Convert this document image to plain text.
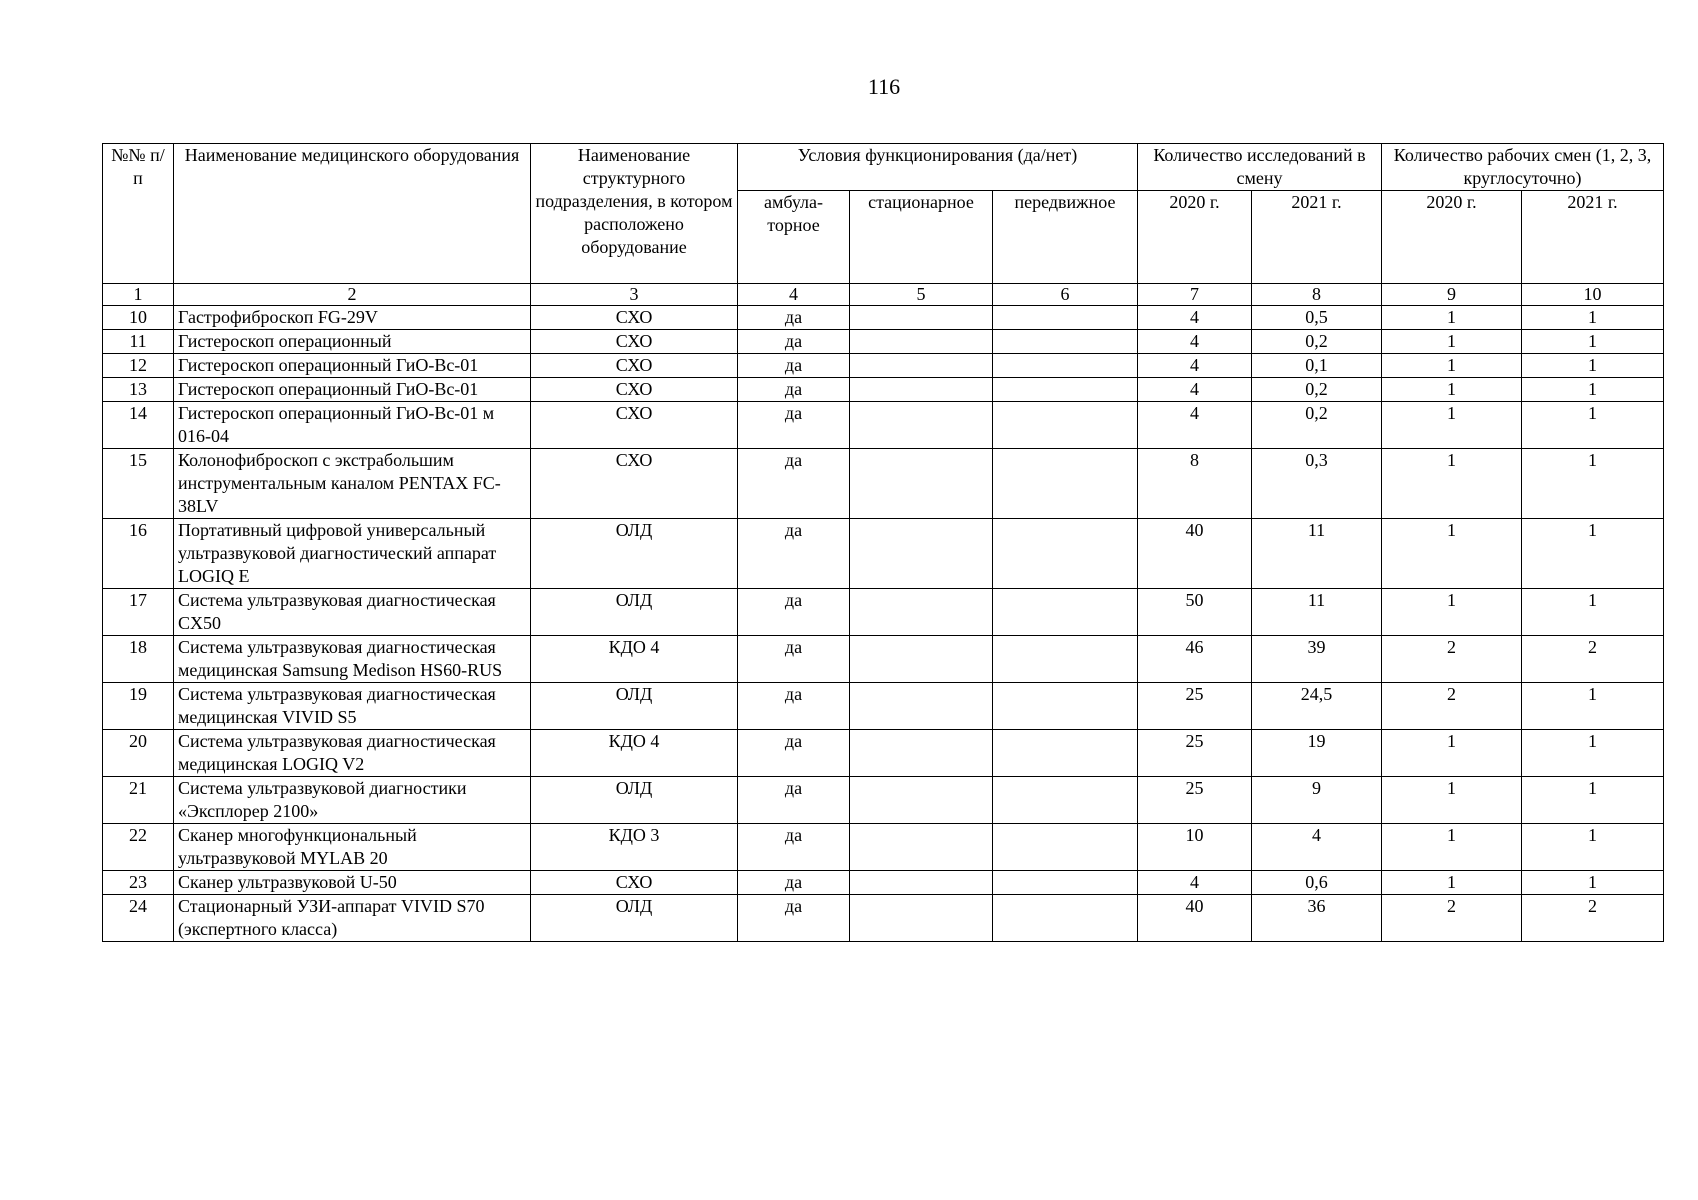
116
№№ п/п	Наименование медицинского оборудования	Наименование структурного подразделения, в котором расположено оборудование	Условия функционирования (да/нет)			Количество исследований в смену		Количество рабочих смен (1, 2, 3, круглосуточно)	
			амбула-торное	стационарное	передвижное	2020 г.	2021 г.	2020 г.	2021 г.
1	2	3	4	5	6	7	8	9	10
10	Гастрофиброскоп FG-29V	СХО	да			4	0,5	1	1
11	Гистероскоп операционный	СХО	да			4	0,2	1	1
12	Гистероскоп операционный ГиО-Вс-01	СХО	да			4	0,1	1	1
13	Гистероскоп операционный ГиО-Вс-01	СХО	да			4	0,2	1	1
14	Гистероскоп операционный ГиО-Вс-01 м 016-04	СХО	да			4	0,2	1	1
15	Колонофиброскоп с экстрабольшим инструментальным каналом PENTAX FC-38LV	СХО	да			8	0,3	1	1
16	Портативный цифровой универсальный ультразвуковой диагностический аппарат LOGIQ E	ОЛД	да			40	11	1	1
17	Система ультразвуковая диагностическая CX50	ОЛД	да			50	11	1	1
18	Система ультразвуковая диагностическая медицинская Samsung Medison HS60-RUS	КДО 4	да			46	39	2	2
19	Система ультразвуковая диагностическая медицинская VIVID S5	ОЛД	да			25	24,5	2	1
20	Система ультразвуковая диагностическая медицинская LOGIQ V2	КДО 4	да			25	19	1	1
21	Система ультразвуковой диагностики «Эксплорер 2100»	ОЛД	да			25	9	1	1
22	Сканер многофункциональный ультразвуковой MYLAB 20	КДО 3	да			10	4	1	1
23	Сканер ультразвуковой U-50	СХО	да			4	0,6	1	1
24	Стационарный УЗИ-аппарат VIVID S70 (экспертного класса)	ОЛД	да			40	36	2	2
